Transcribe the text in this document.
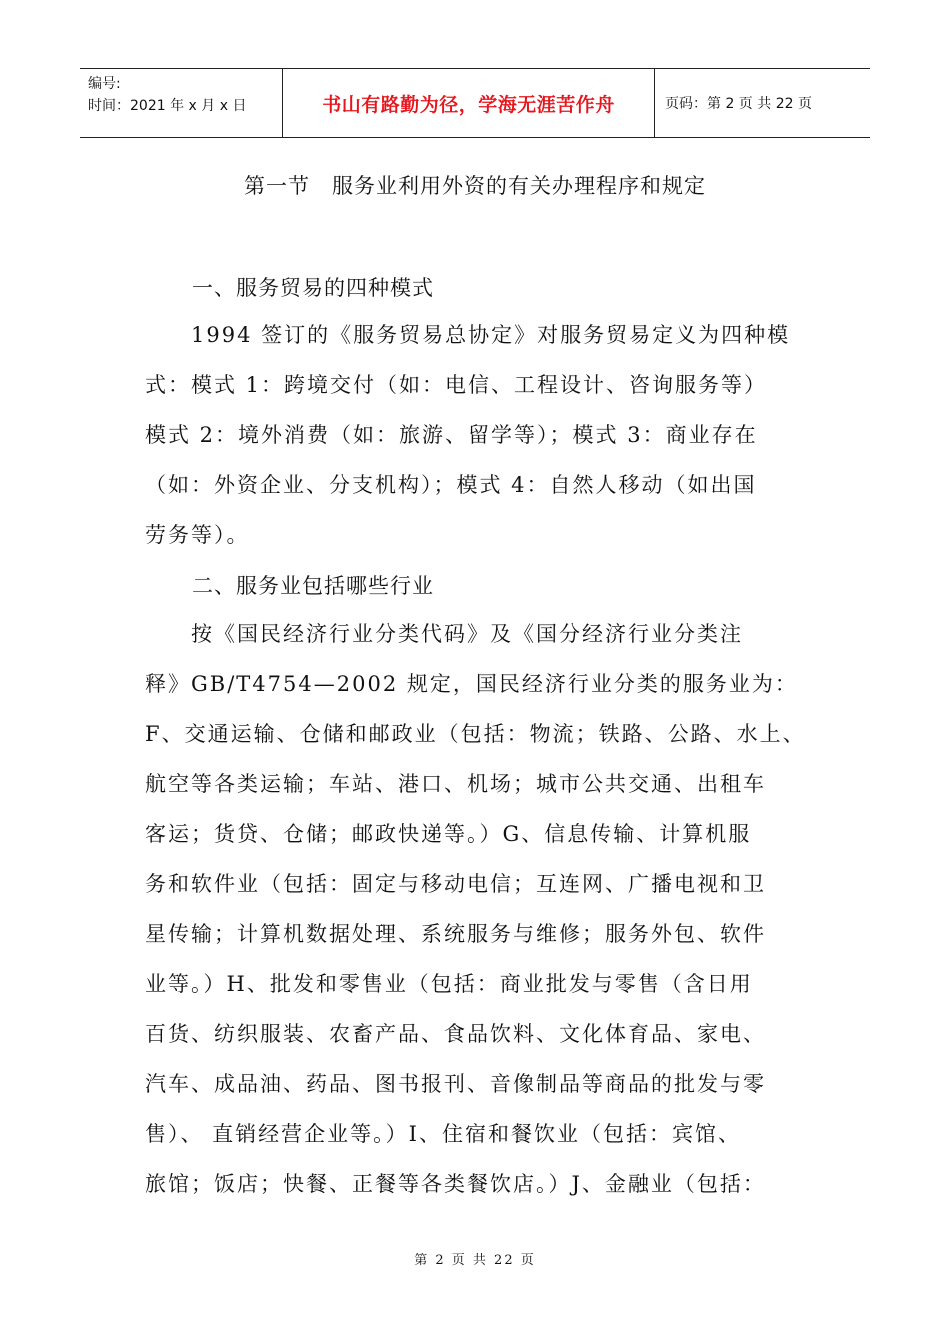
编号:
时间：2021 年 x 月 x 日	书山有路勤为径，学海无涯苦作舟	页码：第 2 页 共 22 页
第一节　服务业利用外资的有关办理程序和规定
一、服务贸易的四种模式
　　1994 签订的《服务贸易总协定》对服务贸易定义为四种模
式：模式 1：跨境交付（如：电信、工程设计、咨询服务等）
模式 2：境外消费（如：旅游、留学等）；模式 3：商业存在
（如：外资企业、分支机构）；模式 4：自然人移动（如出国
劳务等）。
二、服务业包括哪些行业
　　按《国民经济行业分类代码》及《国分经济行业分类注
释》GB/T4754—2002 规定，国民经济行业分类的服务业为：
F、交通运输、仓储和邮政业（包括：物流；铁路、公路、水上、
航空等各类运输；车站、港口、机场；城市公共交通、出租车
客运；货贷、仓储；邮政快递等。）G、信息传输、计算机服
务和软件业（包括：固定与移动电信；互连网、广播电视和卫
星传输；计算机数据处理、系统服务与维修；服务外包、软件
业等。）H、批发和零售业（包括：商业批发与零售（含日用
百货、纺织服装、农畜产品、食品饮料、文化体育品、家电、
汽车、成品油、药品、图书报刊、音像制品等商品的批发与零
售）、 直销经营企业等。）I、住宿和餐饮业（包括：宾馆、
旅馆；饭店；快餐、正餐等各类餐饮店。）J、金融业（包括：
第 2 页 共 22 页
